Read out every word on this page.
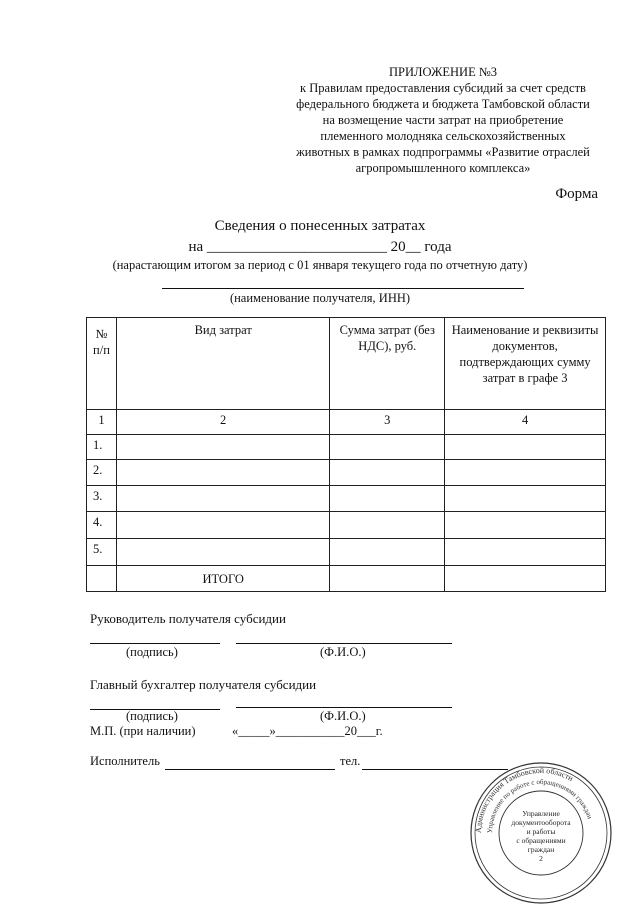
ПРИЛОЖЕНИЕ №3
к Правилам предоставления субсидий за счет средств
федерального бюджета и бюджета Тамбовской области
на возмещение части затрат на приобретение
племенного молодняка сельскохозяйственных
животных в рамках подпрограммы «Развитие отраслей
агропромышленного комплекса»
Форма
Сведения о понесенных затратах
на ________________________ 20__ года
(нарастающим итогом за период с 01 января текущего года по отчетную дату)
(наименование получателя, ИНН)
№ п/п	Вид затрат	Сумма затрат (без НДС), руб.	Наименование и реквизиты документов, подтверждающих сумму затрат в графе 3
1	2	3	4
1.			
2.			
3.			
4.			
5.			
	ИТОГО		
Руководитель получателя субсидии
(подпись)	(Ф.И.О.)
Главный бухгалтер получателя субсидии
(подпись)	(Ф.И.О.)
М.П. (при наличии)	«_____»___________20___г.
Исполнитель	тел.
Администрация Тамбовской области
Управление по работе с обращениями граждан
Управление
документооборота
и работы
с обращениями
граждан
2
